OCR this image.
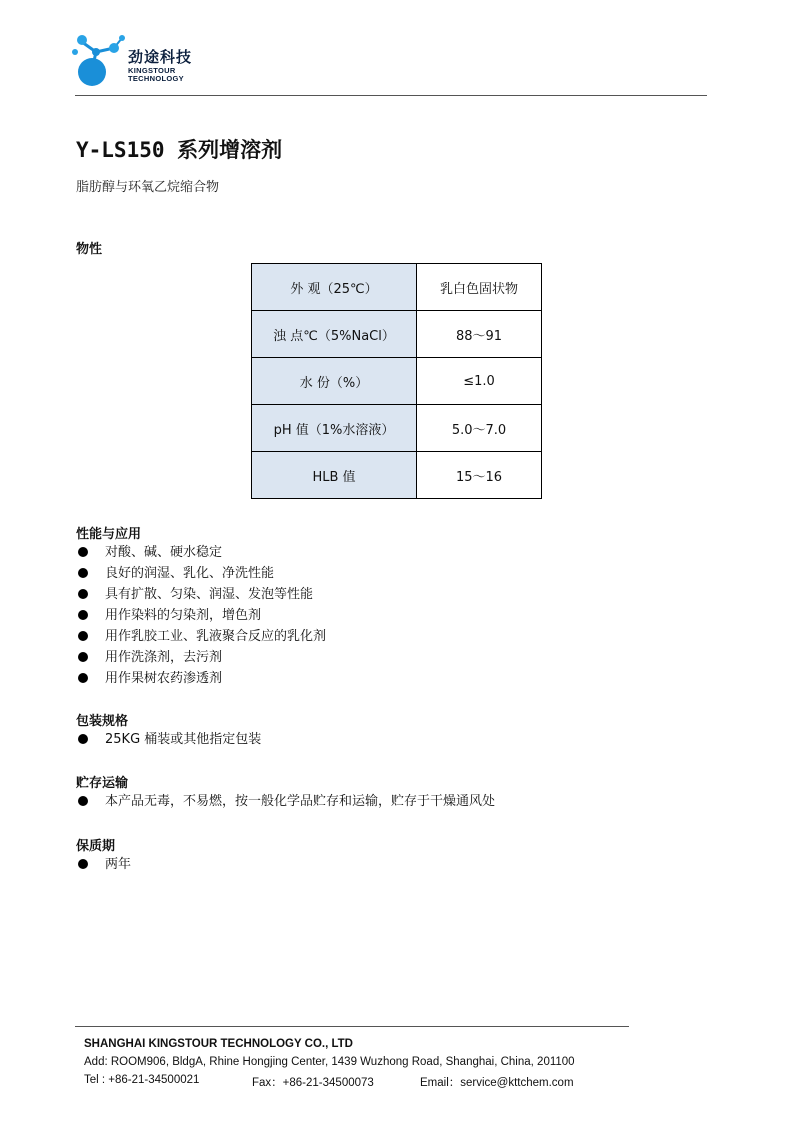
劲途科技
KINGSTOUR
TECHNOLOGY
Y-LS150 系列增溶剂
脂肪醇与环氧乙烷缩合物
物性
外 观（25℃）	乳白色固状物
浊 点℃（5%NaCl）	88～91
水 份（%）	≤1.0
pH 值（1%水溶液）	5.0～7.0
HLB 值	15～16
性能与应用
对酸、碱、硬水稳定
良好的润湿、乳化、净洗性能
具有扩散、匀染、润湿、发泡等性能
用作染料的匀染剂，增色剂
用作乳胶工业、乳液聚合反应的乳化剂
用作洗涤剂，去污剂
用作果树农药渗透剂
包装规格
25KG 桶装或其他指定包装
贮存运输
本产品无毒，不易燃，按一般化学品贮存和运输，贮存于干燥通风处
保质期
两年
SHANGHAI KINGSTOUR TECHNOLOGY CO., LTD
Add: ROOM906, BldgA, Rhine Hongjing Center, 1439 Wuzhong Road, Shanghai, China, 201100
Tel : +86-21-34500021	Fax：+86-21-34500073	Email：service@kttchem.com
